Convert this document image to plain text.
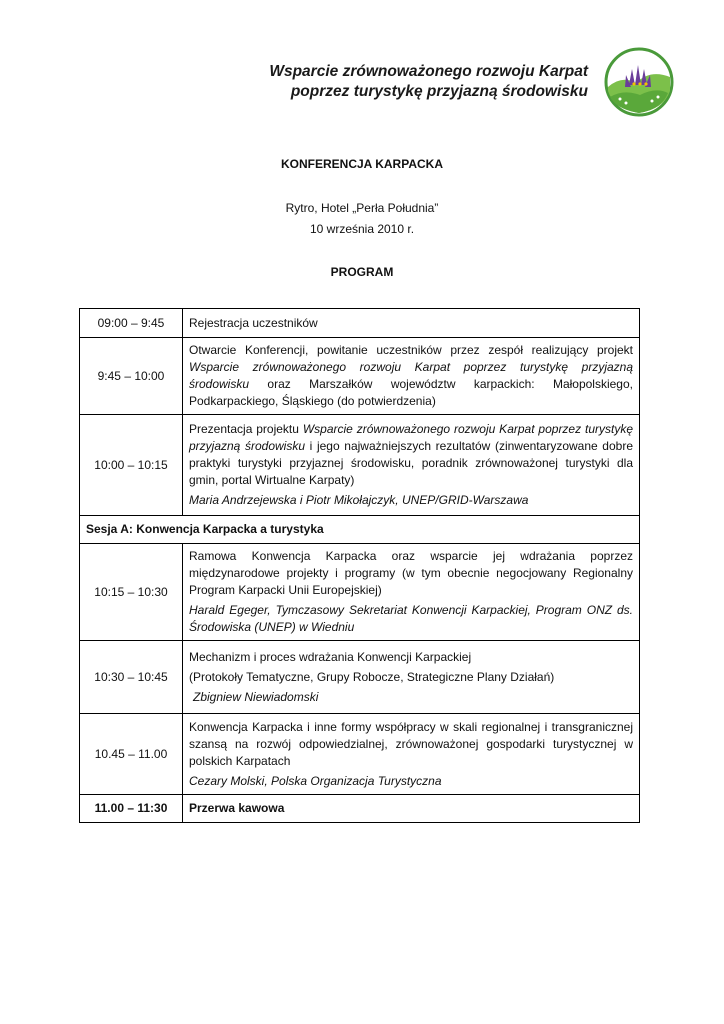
Wsparcie zrównoważonego rozwoju Karpat
poprzez turystykę przyjazną środowisku
KONFERENCJA KARPACKA
Rytro, Hotel „Perła Południa”
10 września 2010 r.
PROGRAM
09:00 – 9:45	Rejestracja uczestników

9:45 – 10:00	Otwarcie Konferencji, powitanie uczestników przez zespół realizujący projekt Wsparcie zrównoważonego rozwoju Karpat poprzez turystykę przyjazną środowisku oraz Marszałków województw karpackich: Małopolskiego, Podkarpackiego, Śląskiego (do potwierdzenia)

10:00 – 10:15	Prezentacja projektu Wsparcie zrównoważonego rozwoju Karpat poprzez turystykę przyjazną środowisku i jego najważniejszych rezultatów (zinwentaryzowane dobre praktyki turystyki przyjaznej środowisku, poradnik zrównoważonej turystyki dla gmin, portal Wirtualne Karpaty)

Maria Andrzejewska i Piotr Mikołajczyk, UNEP/GRID-Warszawa

Sesja A: Konwencja Karpacka a turystyka	
10:15 – 10:30	Ramowa Konwencja Karpacka oraz wsparcie jej wdrażania poprzez międzynarodowe projekty i programy (w tym obecnie negocjowany Regionalny Program Karpacki Unii Europejskiej)

Harald Egeger, Tymczasowy Sekretariat Konwencji Karpackiej, Program ONZ ds. Środowiska (UNEP) w Wiedniu

10:30 – 10:45	Mechanizm i proces wdrażania Konwencji Karpackiej

(Protokoły Tematyczne, Grupy Robocze, Strategiczne Plany Działań)

Zbigniew Niewiadomski

10.45 – 11.00	Konwencja Karpacka i inne formy współpracy w skali regionalnej i transgranicznej szansą na rozwój odpowiedzialnej, zrównoważonej gospodarki turystycznej w polskich Karpatach

Cezary Molski, Polska Organizacja Turystyczna

11.00 – 11:30	Przerwa kawowa
